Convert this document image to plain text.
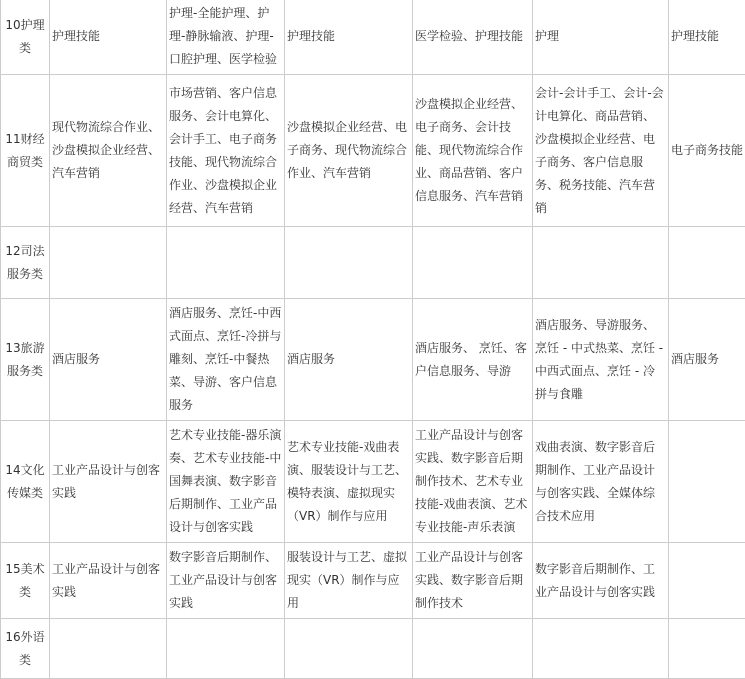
10护理类	护理技能	护理-全能护理、护理-静脉输液、护理-口腔护理、医学检验	护理技能	医学检验、护理技能	护理	护理技能
11财经商贸类	现代物流综合作业、沙盘模拟企业经营、汽车营销	市场营销、客户信息服务、会计电算化、会计手工、电子商务技能、现代物流综合作业、沙盘模拟企业经营、汽车营销	沙盘模拟企业经营、电子商务、现代物流综合作业、汽车营销	沙盘模拟企业经营、电子商务、会计技能、现代物流综合作业、商品营销、客户信息服务、汽车营销	会计-会计手工、会计-会计电算化、商品营销、沙盘模拟企业经营、电子商务、客户信息服务、税务技能、汽车营销	电子商务技能
12司法服务类						
13旅游服务类	酒店服务	酒店服务、烹饪-中西式面点、烹饪-冷拼与雕刻、烹饪-中餐热菜、导游、客户信息服务	酒店服务	酒店服务、 烹饪、客户信息服务、导游	酒店服务、导游服务、烹饪 - 中式热菜、烹饪 - 中西式面点、烹饪 - 冷拼与食雕	酒店服务
14文化传媒类	工业产品设计与创客实践	艺术专业技能-器乐演奏、艺术专业技能-中国舞表演、数字影音后期制作、工业产品设计与创客实践	艺术专业技能-戏曲表演、服装设计与工艺、模特表演、虚拟现实（VR）制作与应用	工业产品设计与创客实践、数字影音后期制作技术、艺术专业技能-戏曲表演、艺术专业技能-声乐表演	戏曲表演、数字影音后期制作、工业产品设计与创客实践、全媒体综合技术应用	
15美术类	工业产品设计与创客实践	数字影音后期制作、工业产品设计与创客实践	服装设计与工艺、虚拟现实（VR）制作与应用	工业产品设计与创客实践、数字影音后期制作技术	数字影音后期制作、工业产品设计与创客实践	
16外语类						
